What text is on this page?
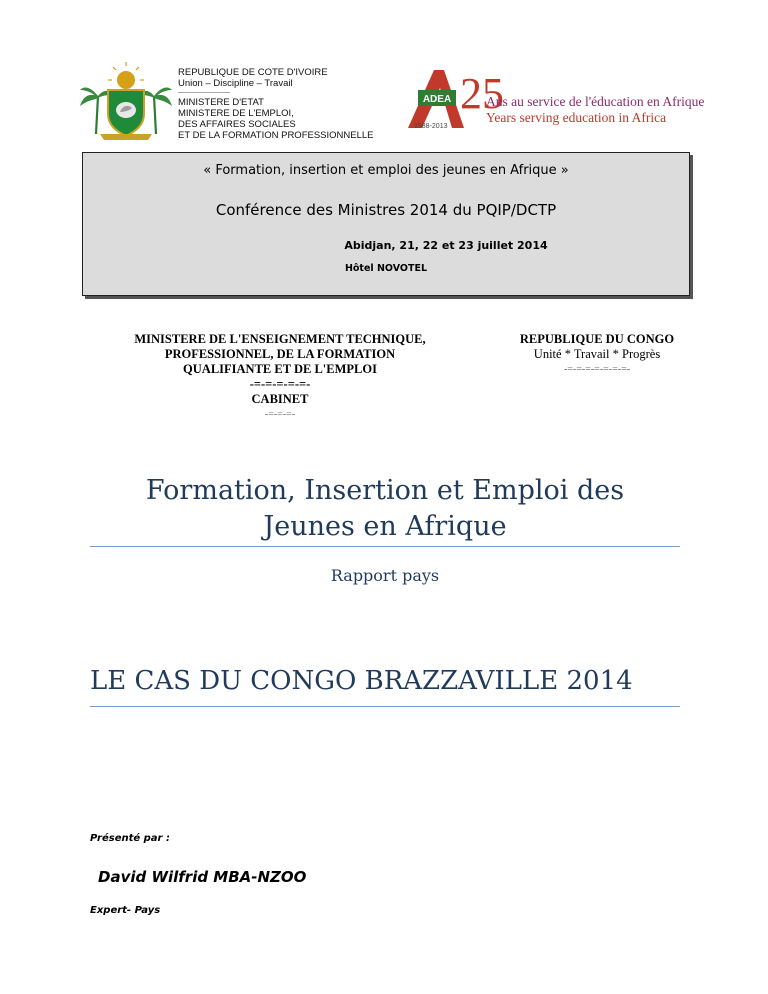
REPUBLIQUE DE COTE D'IVOIRE
Union – Discipline – Travail
--------------------------
MINISTERE D'ETAT
MINISTERE DE L'EMPLOI,
DES AFFAIRES SOCIALES
ET DE LA FORMATION PROFESSIONNELLE
ADEA 25
1988-2013
Ans au service de l'éducation en Afrique
Years serving education in Africa
« Formation, insertion et emploi des jeunes en Afrique »
Conférence des Ministres 2014 du PQIP/DCTP
Abidjan, 21, 22 et 23 juillet 2014
Hôtel NOVOTEL
MINISTERE DE L'ENSEIGNEMENT TECHNIQUE,
PROFESSIONNEL, DE LA FORMATION
QUALIFIANTE ET DE L'EMPLOI
-=-=-=-=-=-
CABINET
-=-=-=-
REPUBLIQUE DU CONGO
Unité * Travail * Progrès
-=-=-=-=-=-=-=-
Formation, Insertion et Emploi des
Jeunes en Afrique
Rapport pays
LE CAS DU CONGO BRAZZAVILLE 2014
Présenté par :
David Wilfrid MBA-NZOO
Expert- Pays
